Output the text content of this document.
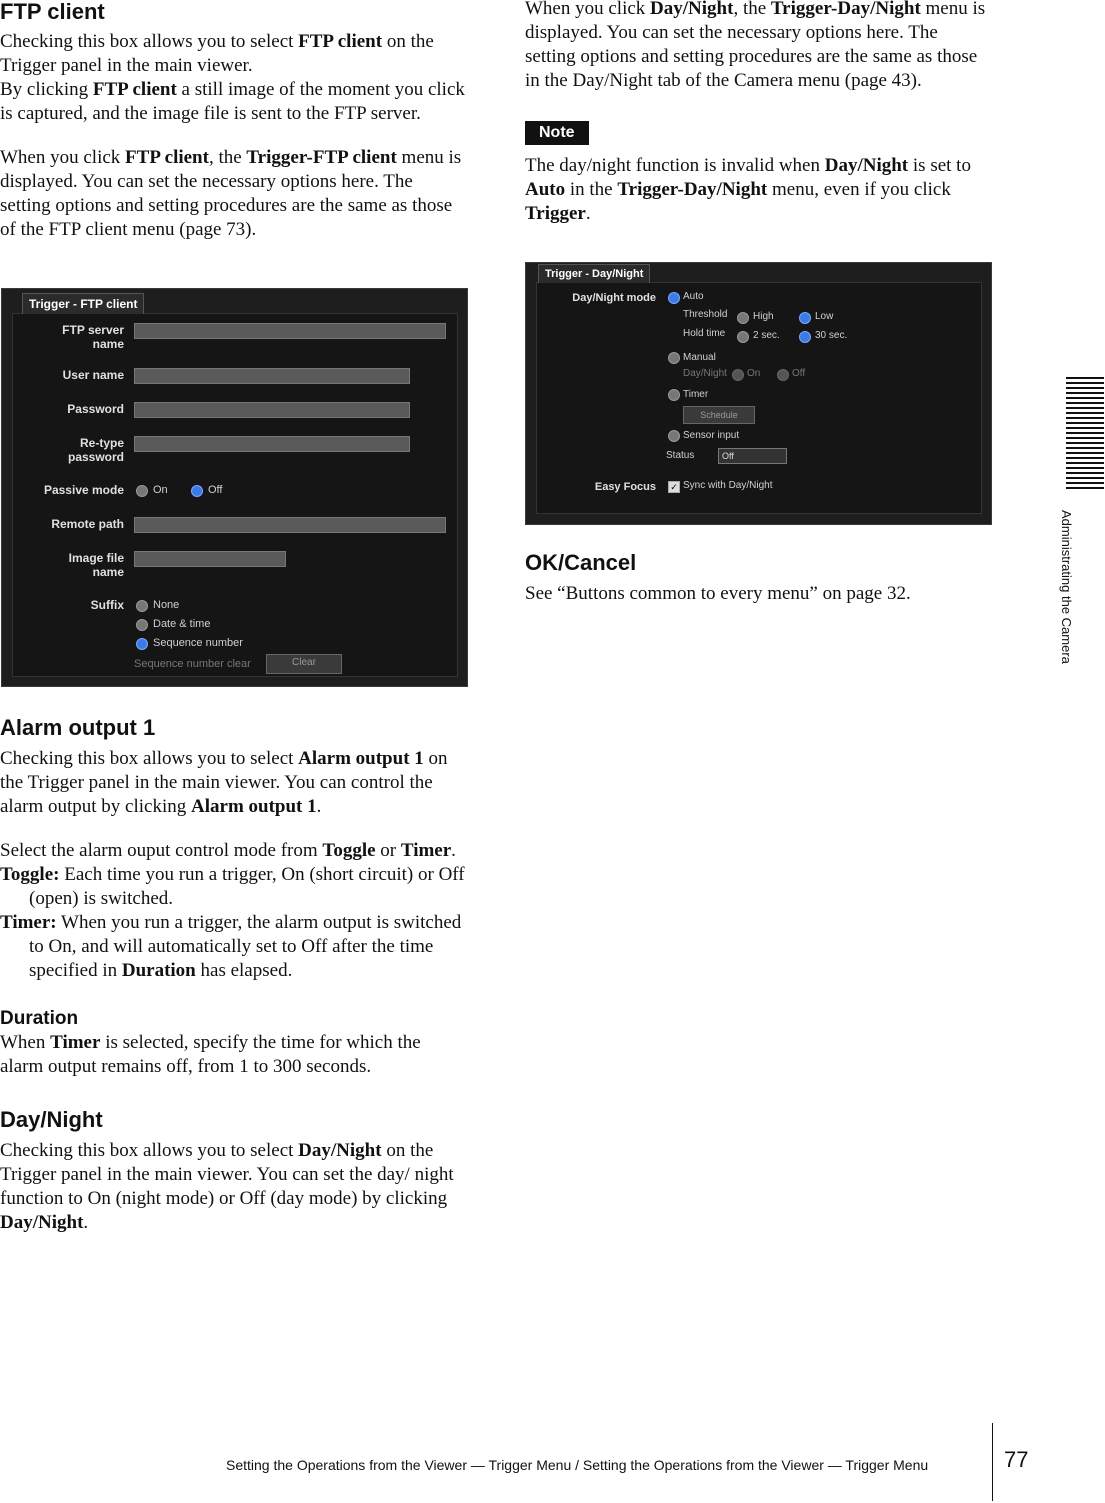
FTP client

Checking this box allows you to select FTP client on the Trigger panel in the main viewer.

By clicking FTP client a still image of the moment you click is captured, and the image file is sent to the FTP server.

When you click FTP client, the Trigger-FTP client menu is displayed. You can set the necessary options here. The setting options and setting procedures are the same as those of the FTP client menu (page 73).

Trigger - FTP client
FTP server
name
User name
Password
Re-type
password
Passive mode	On	Off
Remote path
Image file
name
Suffix	None
Date & time
Sequence number
Sequence number clear	Clear
Alarm output 1

Checking this box allows you to select Alarm output 1 on the Trigger panel in the main viewer. You can control the alarm output by clicking Alarm output 1.

Select the alarm ouput control mode from Toggle or Timer.

Toggle: Each time you run a trigger, On (short circuit) or Off (open) is switched.

Timer: When you run a trigger, the alarm output is switched to On, and will automatically set to Off after the time specified in Duration has elapsed.

Duration

When Timer is selected, specify the time for which the alarm output remains off, from 1 to 300 seconds.

Day/Night

Checking this box allows you to select Day/Night on the Trigger panel in the main viewer. You can set the day/ night function to On (night mode) or Off (day mode) by clicking Day/Night.

When you click Day/Night, the Trigger-Day/Night menu is displayed. You can set the necessary options here. The setting options and setting procedures are the same as those in the Day/Night tab of the Camera menu (page 43).

Note

The day/night function is invalid when Day/Night is set to Auto in the Trigger-Day/Night menu, even if you click Trigger.

Trigger - Day/Night
Day/Night mode	Auto
Threshold	High	Low
Hold time	2 sec.	30 sec.
Manual
Day/Night On	Off
Timer
Schedule
Sensor input
Status	Off
Easy Focus ✓ Sync with Day/Night
OK/Cancel

See “Buttons common to every menu” on page 32.	Administrating the Camera
Setting the Operations from the Viewer — Trigger Menu / Setting the Operations from the Viewer — Trigger Menu	77
